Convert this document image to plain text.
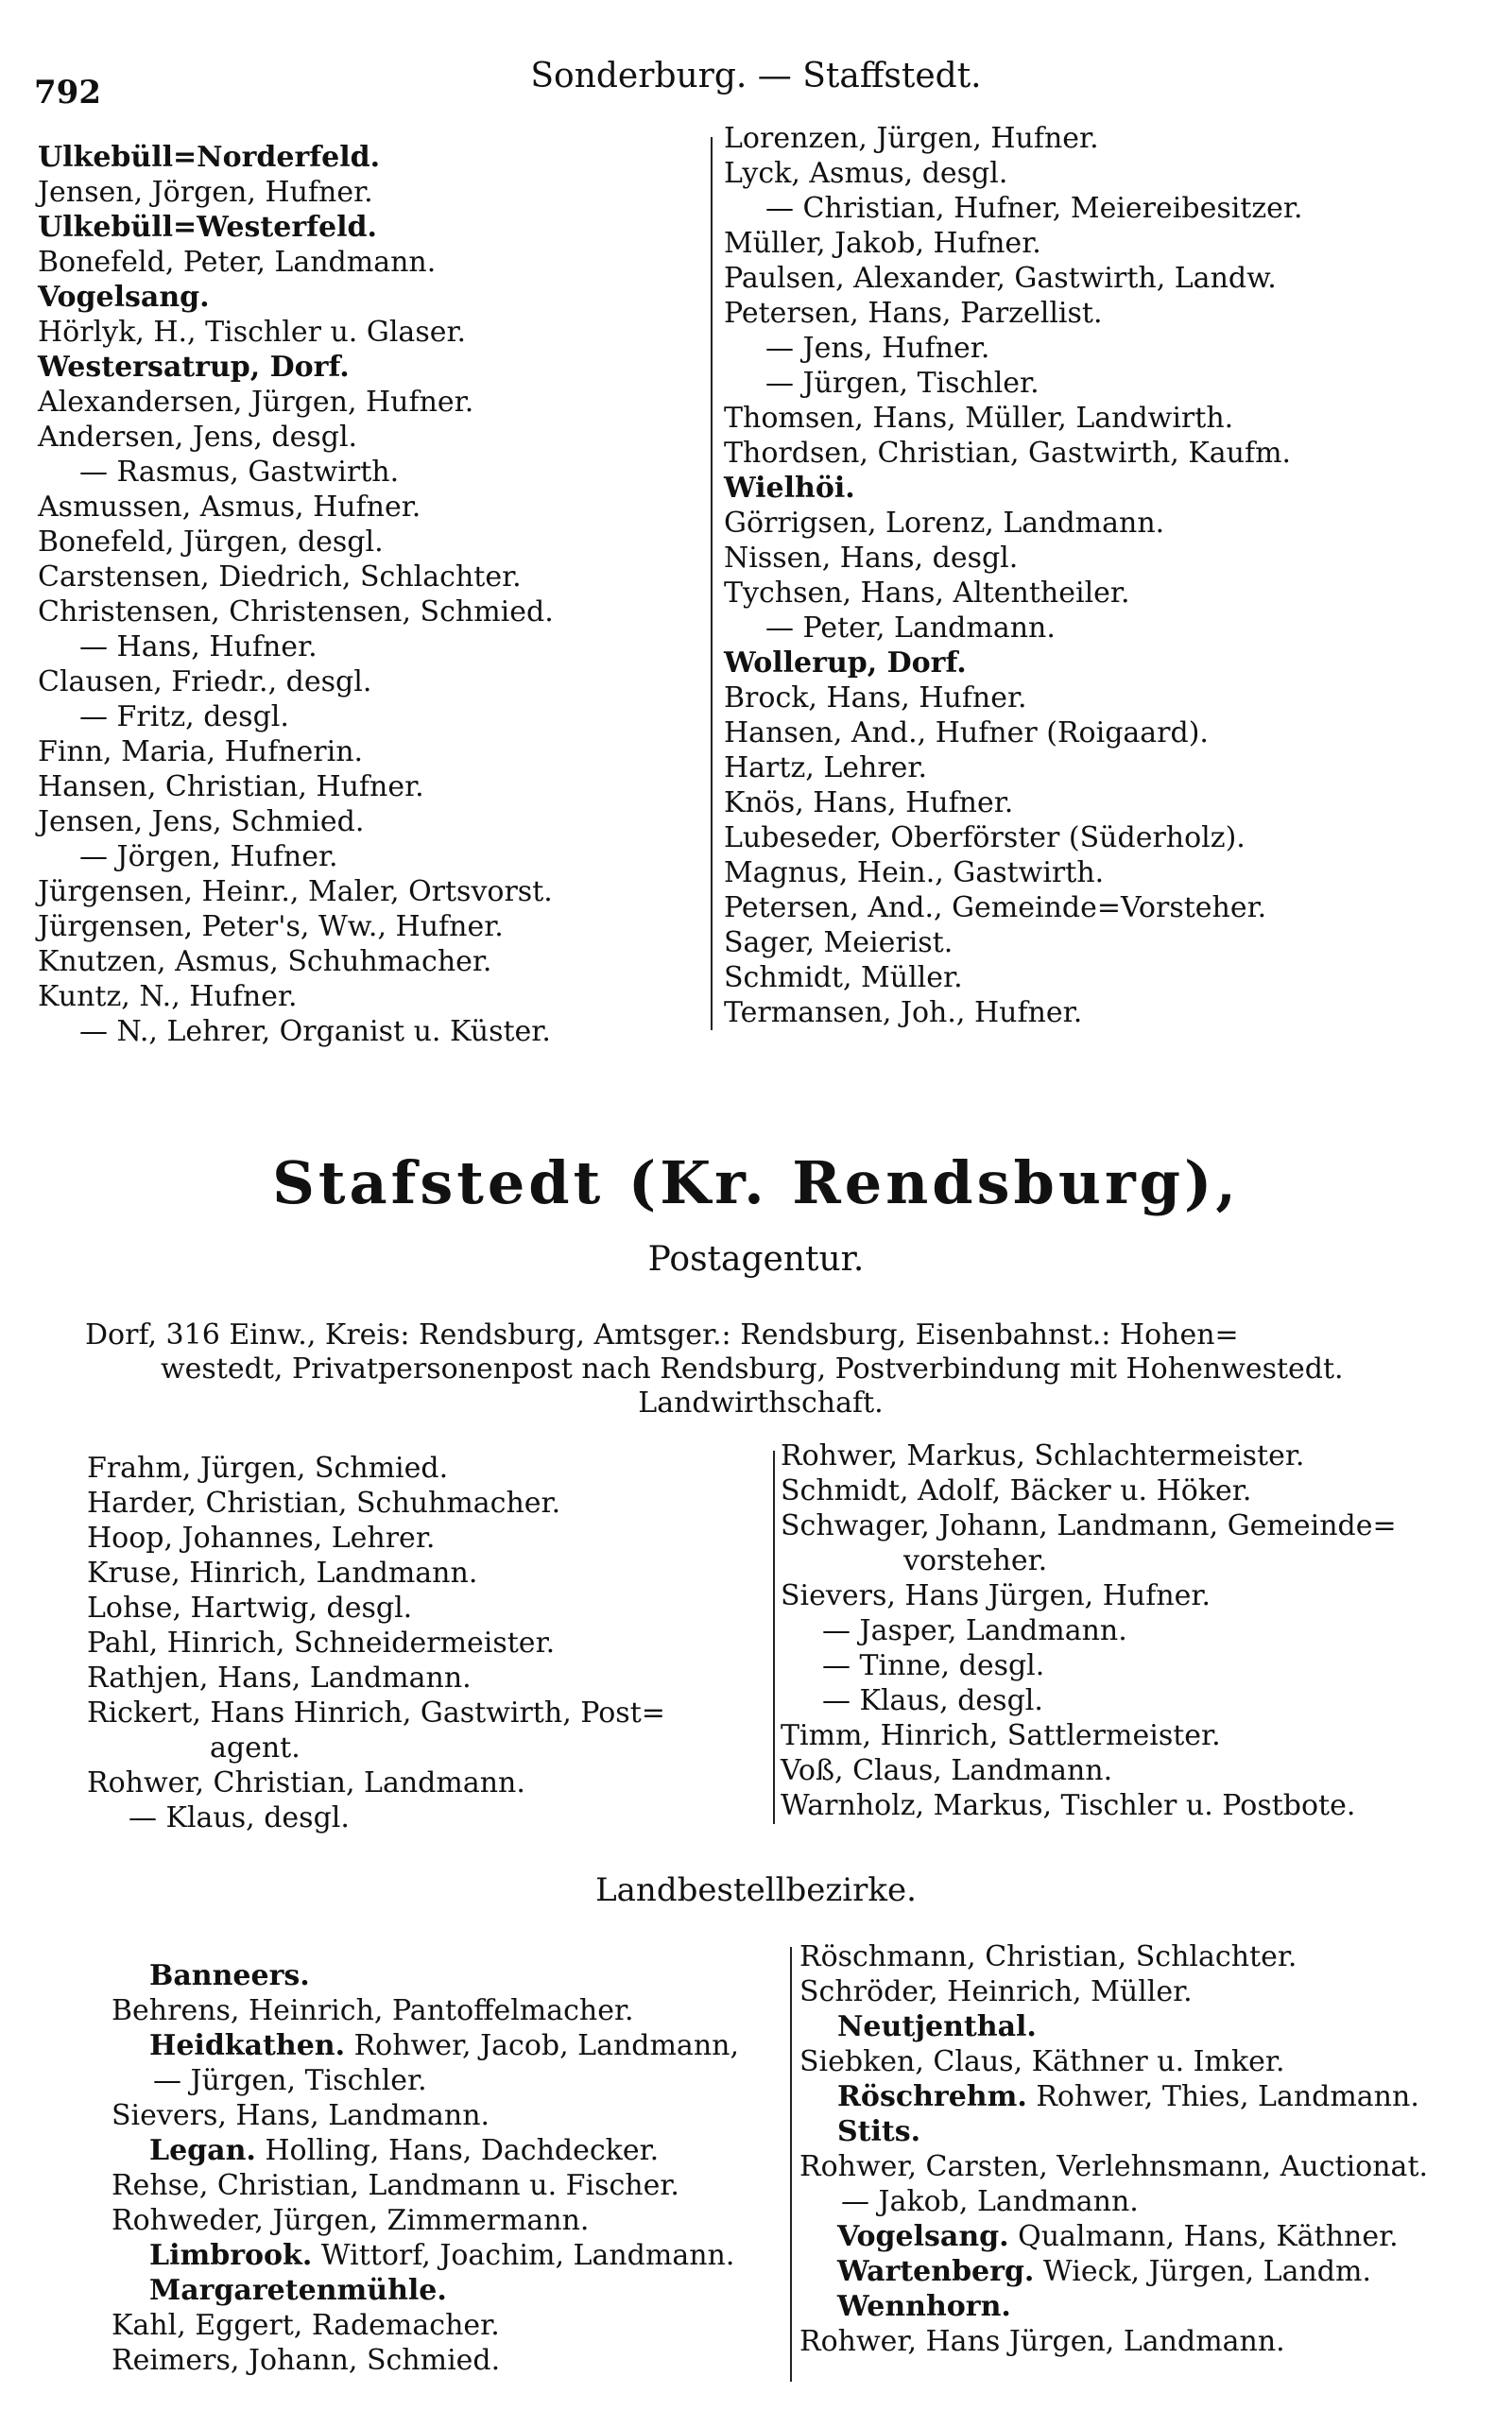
792	Sonderburg. — Staffstedt.
Ulkebüll=Norderfeld.
Jensen, Jörgen, Hufner.
Ulkebüll=Westerfeld.
Bonefeld, Peter, Landmann.
Vogelsang.
Hörlyk, H., Tischler u. Glaser.
Westersatrup, Dorf.
Alexandersen, Jürgen, Hufner.
Andersen, Jens, desgl.
— Rasmus, Gastwirth.
Asmussen, Asmus, Hufner.
Bonefeld, Jürgen, desgl.
Carstensen, Diedrich, Schlachter.
Christensen, Christensen, Schmied.
— Hans, Hufner.
Clausen, Friedr., desgl.
— Fritz, desgl.
Finn, Maria, Hufnerin.
Hansen, Christian, Hufner.
Jensen, Jens, Schmied.
— Jörgen, Hufner.
Jürgensen, Heinr., Maler, Ortsvorst.
Jürgensen, Peter's, Ww., Hufner.
Knutzen, Asmus, Schuhmacher.
Kuntz, N., Hufner.
— N., Lehrer, Organist u. Küster.
Lorenzen, Jürgen, Hufner.
Lyck, Asmus, desgl.
— Christian, Hufner, Meiereibesitzer.
Müller, Jakob, Hufner.
Paulsen, Alexander, Gastwirth, Landw.
Petersen, Hans, Parzellist.
— Jens, Hufner.
— Jürgen, Tischler.
Thomsen, Hans, Müller, Landwirth.
Thordsen, Christian, Gastwirth, Kaufm.
Wielhöi.
Görrigsen, Lorenz, Landmann.
Nissen, Hans, desgl.
Tychsen, Hans, Altentheiler.
— Peter, Landmann.
Wollerup, Dorf.
Brock, Hans, Hufner.
Hansen, And., Hufner (Roigaard).
Hartz, Lehrer.
Knös, Hans, Hufner.
Lubeseder, Oberförster (Süderholz).
Magnus, Hein., Gastwirth.
Petersen, And., Gemeinde=Vorsteher.
Sager, Meierist.
Schmidt, Müller.
Termansen, Joh., Hufner.
Stafstedt (Kr. Rendsburg),
Postagentur.

Dorf, 316 Einw., Kreis: Rendsburg, Amtsger.: Rendsburg, Eisenbahnst.: Hohen=

westedt, Privatpersonenpost nach Rendsburg, Postverbindung mit Hohenwestedt.

Landwirthschaft.

Frahm, Jürgen, Schmied.
Harder, Christian, Schuhmacher.
Hoop, Johannes, Lehrer.
Kruse, Hinrich, Landmann.
Lohse, Hartwig, desgl.
Pahl, Hinrich, Schneidermeister.
Rathjen, Hans, Landmann.
Rickert, Hans Hinrich, Gastwirth, Post=
agent.
Rohwer, Christian, Landmann.
— Klaus, desgl.
Rohwer, Markus, Schlachtermeister.
Schmidt, Adolf, Bäcker u. Höker.
Schwager, Johann, Landmann, Gemeinde=
vorsteher.
Sievers, Hans Jürgen, Hufner.
— Jasper, Landmann.
— Tinne, desgl.
— Klaus, desgl.
Timm, Hinrich, Sattlermeister.
Voß, Claus, Landmann.
Warnholz, Markus, Tischler u. Postbote.
Landbestellbezirke.
Banneers.
Behrens, Heinrich, Pantoffelmacher.
Heidkathen. Rohwer, Jacob, Landmann,
— Jürgen, Tischler.
Sievers, Hans, Landmann.
Legan. Holling, Hans, Dachdecker.
Rehse, Christian, Landmann u. Fischer.
Rohweder, Jürgen, Zimmermann.
Limbrook. Wittorf, Joachim, Landmann.
Margaretenmühle.
Kahl, Eggert, Rademacher.
Reimers, Johann, Schmied.
Röschmann, Christian, Schlachter.
Schröder, Heinrich, Müller.
Neutjenthal.
Siebken, Claus, Käthner u. Imker.
Röschrehm. Rohwer, Thies, Landmann.
Stits.
Rohwer, Carsten, Verlehnsmann, Auctionat.
— Jakob, Landmann.
Vogelsang. Qualmann, Hans, Käthner.
Wartenberg. Wieck, Jürgen, Landm.
Wennhorn.
Rohwer, Hans Jürgen, Landmann.
